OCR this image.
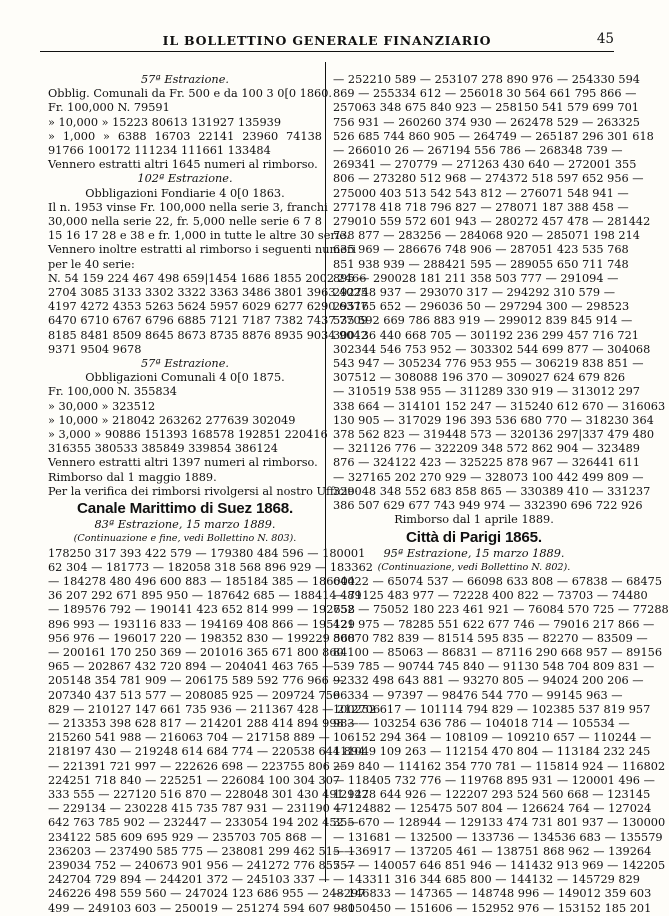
IL BOLLETTINO GENERALE FINANZIARIO	45
57ª Estrazione.
Obblig. Comunali da Fr. 500 e da 100 3 0[0 1860.
Fr. 100,000 N. 79591
» 10,000 » 15223 80613 131927 135939
» 1,000 » 6388 16703 22141 23960 74138
91766 100172 111234 111661 133484
Vennero estratti altri 1645 numeri al rimborso.
102ª Estrazione.
Obbligazioni Fondiarie 4 0[0 1863.
Il n. 1953 vinse Fr. 100,000 nella serie 3, franchi
30,000 nella serie 22, fr. 5,000 nelle serie 6 7 8
15 16 17 28 e 38 e fr. 1,000 in tutte le altre 30 serie.
Vennero inoltre estratti al rimborso i seguenti numeri
per le 40 serie:
N. 54 159 224 467 498 659|1454 1686 1855 2002 2466
2704 3085 3133 3302 3322 3363 3486 3801 3963 4025
4197 4272 4353 5263 5624 5957 6029 6277 6290 6377
6470 6710 6767 6796 6885 7121 7187 7382 7437 7709
8185 8481 8509 8645 8673 8735 8876 8935 9034 9042
9371 9504 9678
57ª Estrazione.
Obbligazioni Comunali 4 0[0 1875.
Fr. 100,000 N. 355834
» 30,000 » 323512
» 10,000 » 218042 263262 277639 302049
» 3,000 » 90886 151393 168578 192851 220416
316355 380533 385849 339854 386124
Vennero estratti altri 1397 numeri al rimborso.
Rimborso dal 1 maggio 1889.
Per la verifica dei rimborsi rivolgersi al nostro Ufficio·
Canale Marittimo di Suez 1868.
83ª Estrazione, 15 marzo 1889.
(Continuazione e fine, vedi Bollettino N. 803).
178250 317 393 422 579 — 179380 484 596 — 180001
62 304 — 181773 — 182058 318 568 896 929 — 183362
— 184278 480 496 600 883 — 185184 385 — 186004
36 207 292 671 895 950 — 187642 685 — 188414 489
— 189576 792 — 190141 423 652 814 999 — 192658
896 993 — 193116 833 — 194169 408 866 — 195129
956 976 — 196017 220 — 198352 830 — 199229 568
— 200161 170 250 369 — 201016 365 671 800 860
965 — 202867 432 720 894 — 204041 463 765 —
205148 354 781 909 — 206175 589 592 776 966 —
207340 437 513 577 — 208085 925 — 209724 756
829 — 210127 147 661 735 936 — 211367 428 — 212706
— 213353 398 628 817 — 214201 288 414 894 998 —
215260 541 988 — 216063 704 — 217158 889 —
218197 430 — 219248 614 684 774 — 220538 644 894
— 221391 721 997 — 222626 698 — 223755 806 —
224251 718 840 — 225251 — 226084 100 304 307
333 555 — 227120 516 870 — 228048 301 430 491 922
— 229134 — 230228 415 735 787 931 — 231190 471
642 763 785 902 — 232447 — 233054 194 202 452 —
234122 585 609 695 929 — 235703 705 868 —
236203 — 237490 585 775 — 238081 299 462 515 —
239034 752 — 240673 901 956 — 241272 776 857 —
242704 729 894 — 244201 372 — 245103 337 —
246226 498 559 560 — 247024 123 686 955 — 248297
499 — 249103 603 — 250019 — 251274 594 607 980
— 252210 589 — 253107 278 890 976 — 254330 594
869 — 255334 612 — 256018 30 564 661 795 866 —
257063 348 675 840 923 — 258150 541 579 699 701
756 931 — 260260 374 930 — 262478 529 — 263325
526 685 744 860 905 — 264749 — 265187 296 301 618
— 266010 26 — 267194 556 786 — 268348 739 —
269341 — 270779 — 271263 430 640 — 272001 355
806 — 273280 512 968 — 274372 518 597 652 956 —
275000 403 513 542 543 812 — 276071 548 941 —
277178 418 718 796 827 — 278071 187 388 458 —
279010 559 572 601 943 — 280272 457 478 — 281442
738 877 — 283256 — 284068 920 — 285071 198 214
635 969 — 286676 748 906 — 287051 423 535 768
851 938 939 — 288421 595 — 289055 650 711 748
895 — 290028 181 211 358 503 777 — 291094 —
292748 937 — 293070 317 — 294292 310 579 —
295165 652 — 296036 50 — 297294 300 — 298523
535 592 669 786 883 919 — 299012 839 845 914 —
300136 440 668 705 — 301192 236 299 457 716 721
302344 546 753 952 — 303302 544 699 877 — 304068
543 947 — 305234 776 953 955 — 306219 838 851 —
307512 — 308088 196 370 — 309027 624 679 826
— 310519 538 955 — 311289 330 919 — 313012 297
338 664 — 314101 152 247 — 315240 612 670 — 316063
130 905 — 317029 196 393 536 680 770 — 318230 364
378 562 823 — 319448 573 — 320136 297|337 479 480
— 321126 776 — 322209 348 572 862 904 — 323489
876 — 324122 423 — 325225 878 967 — 326441 611
— 327165 202 270 929 — 328073 100 442 499 809 —
329048 348 552 683 858 865 — 330389 410 — 331237
386 507 629 677 743 949 974 — 332390 696 722 926
Rimborso dal 1 aprile 1889.
Città di Parigi 1865.
95ª Estrazione, 15 marzo 1889.
(Continuazione, vedi Bollettino N. 802).
64022 — 65074 537 — 66098 633 808 — 67838 — 68475
— 71125 483 977 — 72228 400 822 — 73703 — 74480
752 — 75052 180 223 461 921 — 76084 570 725 — 77288
421 975 — 78285 551 622 677 746 — 79016 217 866 —
80070 782 839 — 81514 595 835 — 82270 — 83509 —
84100 — 85063 — 86831 — 87116 290 668 957 — 89156
539 785 — 90744 745 840 — 91130 548 704 809 831 —
92332 498 643 881 — 93270 805 — 94024 200 206 —
96334 — 97397 — 98476 544 770 — 99145 963 —
100252 617 — 101114 794 829 — 102385 537 819 957
983 — 103254 636 786 — 104018 714 — 105534 —
106152 294 364 — 108109 — 109210 657 — 110244 —
111049 109 263 — 112154 470 804 — 113184 232 245
259 840 — 114162 354 770 781 — 115814 924 — 116802
— 118405 732 776 — 119768 895 931 — 120001 496 —
121478 644 926 — 122207 293 524 560 668 — 123145
— 124882 — 125475 507 804 — 126624 764 — 127024
355 670 — 128944 — 129133 474 731 801 937 — 130000
— 131681 — 132500 — 133736 — 134536 683 — 135579
— 136917 — 137205 461 — 138751 868 962 — 139264
557 — 140057 646 851 946 — 141432 913 969 — 142205
— 143311 316 344 685 800 — 144132 — 145729 829
— 146833 — 147365 — 148748 996 — 149012 359 603
— 150450 — 151606 — 152952 976 — 153152 185 201
